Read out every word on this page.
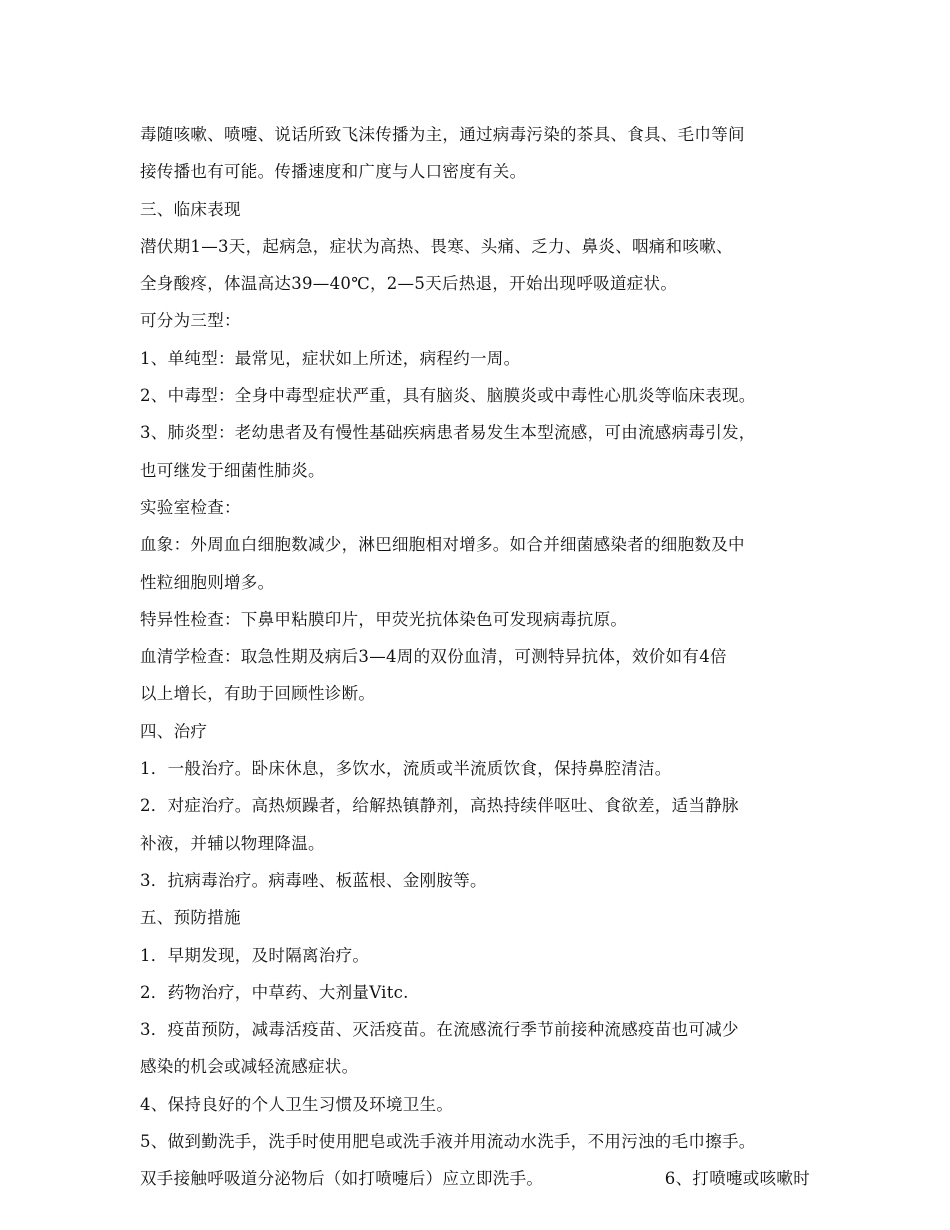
毒随咳嗽、喷嚏、说话所致飞沫传播为主，通过病毒污染的茶具、食具、毛巾等间
接传播也有可能。传播速度和广度与人口密度有关。
三、临床表现
潜伏期1—3天，起病急，症状为高热、畏寒、头痛、乏力、鼻炎、咽痛和咳嗽、
全身酸疼，体温高达39—40℃，2—5天后热退，开始出现呼吸道症状。
可分为三型：
1、单纯型：最常见，症状如上所述，病程约一周。
2、中毒型：全身中毒型症状严重，具有脑炎、脑膜炎或中毒性心肌炎等临床表现。
3、肺炎型：老幼患者及有慢性基础疾病患者易发生本型流感，可由流感病毒引发，
也可继发于细菌性肺炎。
实验室检查：
血象：外周血白细胞数减少，淋巴细胞相对增多。如合并细菌感染者的细胞数及中
性粒细胞则增多。
特异性检查：下鼻甲粘膜印片，甲荧光抗体染色可发现病毒抗原。
血清学检查：取急性期及病后3—4周的双份血清，可测特异抗体，效价如有4倍
以上增长，有助于回顾性诊断。
四、治疗
1．一般治疗。卧床休息，多饮水，流质或半流质饮食，保持鼻腔清洁。
2．对症治疗。高热烦躁者，给解热镇静剂，高热持续伴呕吐、食欲差，适当静脉
补液，并辅以物理降温。
3．抗病毒治疗。病毒唑、板蓝根、金刚胺等。
五、预防措施
1．早期发现，及时隔离治疗。
2．药物治疗，中草药、大剂量Vitc.
3．疫苗预防，减毒活疫苗、灭活疫苗。在流感流行季节前接种流感疫苗也可减少
感染的机会或减轻流感症状。
4、保持良好的个人卫生习惯及环境卫生。
5、做到勤洗手，洗手时使用肥皂或洗手液并用流动水洗手，不用污浊的毛巾擦手。
双手接触呼吸道分泌物后（如打喷嚏后）应立即洗手。	6、打喷嚏或咳嗽时
